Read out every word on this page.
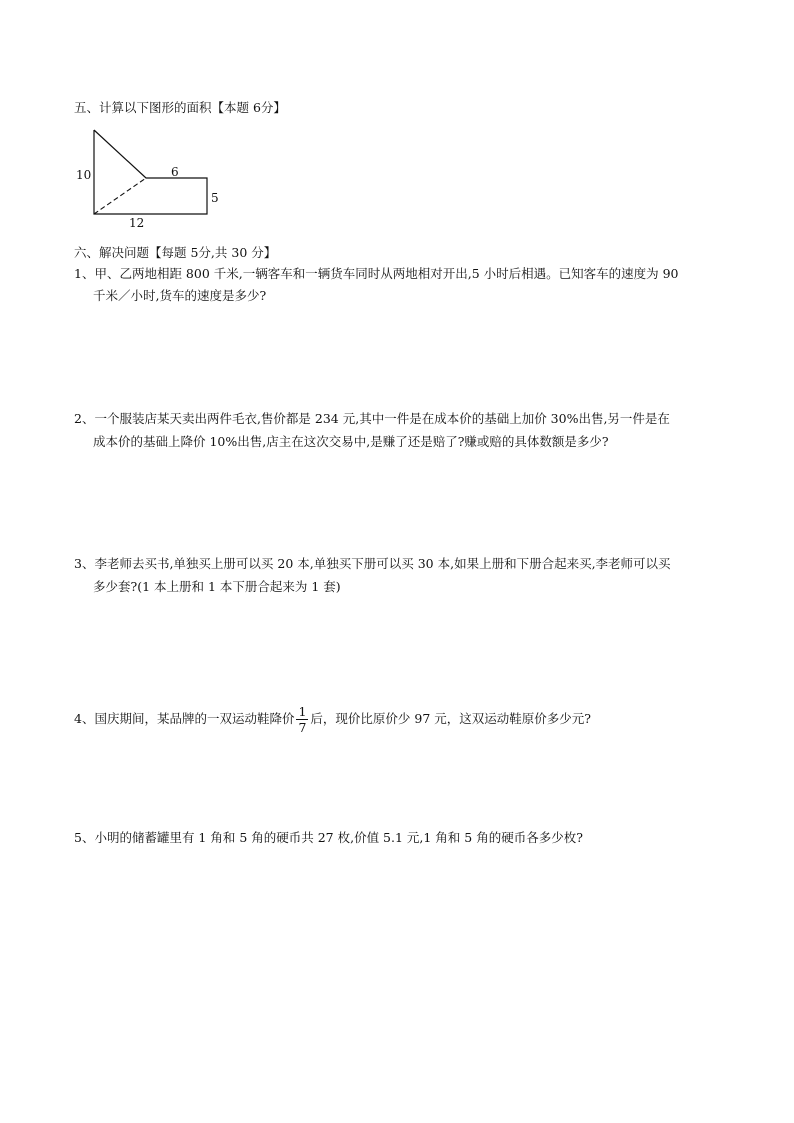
五、计算以下图形的面积【本题 6分】
10	6
5
12
六、解决问题【每题 5分,共 30 分】
1、甲、乙两地相距 800 千米,一辆客车和一辆货车同时从两地相对开出,5 小时后相遇。已知客车的速度为 90
千米／小时,货车的速度是多少?
2、一个服装店某天卖出两件毛衣,售价都是 234 元,其中一件是在成本价的基础上加价 30%出售,另一件是在
成本价的基础上降价 10%出售,店主在这次交易中,是赚了还是赔了?赚或赔的具体数额是多少?
3、李老师去买书,单独买上册可以买 20 本,单独买下册可以买 30 本,如果上册和下册合起来买,李老师可以买
多少套?(1 本上册和 1 本下册合起来为 1 套)
4、国庆期间，某品牌的一双运动鞋降价 $\frac{1}{7}$ 后，现价比原价少 97 元，这双运动鞋原价多少元?
5、小明的储蓄罐里有 1 角和 5 角的硬币共 27 枚,价值 5.1 元,1 角和 5 角的硬币各多少枚?
